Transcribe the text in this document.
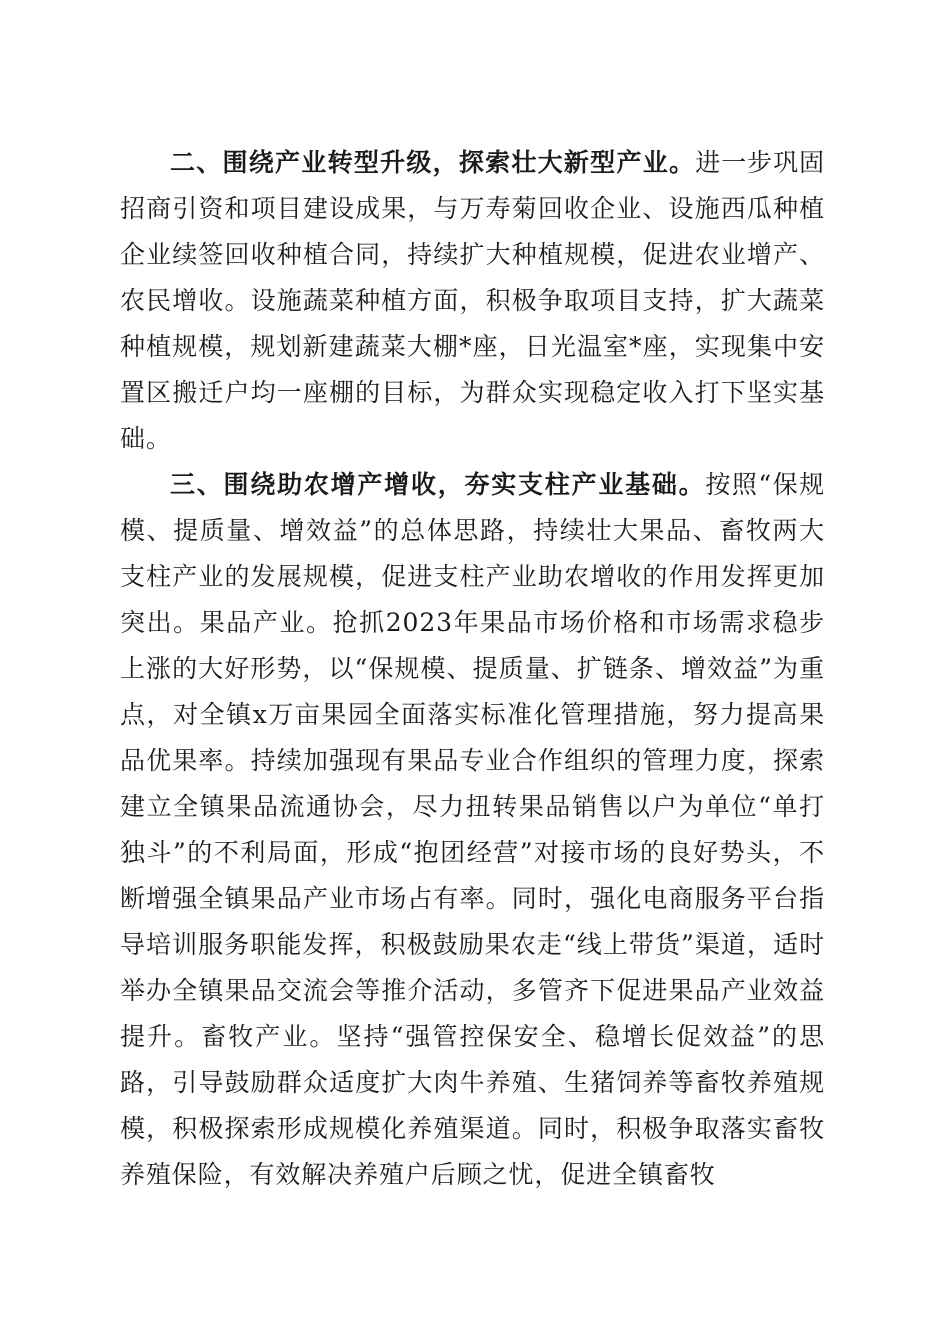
二、围绕产业转型升级，探索壮大新型产业。进一步巩固招商引资和项目建设成果，与万寿菊回收企业、设施西瓜种植企业续签回收种植合同，持续扩大种植规模，促进农业增产、农民增收。设施蔬菜种植方面，积极争取项目支持，扩大蔬菜种植规模，规划新建蔬菜大棚*座，日光温室*座，实现集中安置区搬迁户均一座棚的目标，为群众实现稳定收入打下坚实基础。

三、围绕助农增产增收，夯实支柱产业基础。按照“保规模、提质量、增效益”的总体思路，持续壮大果品、畜牧两大支柱产业的发展规模，促进支柱产业助农增收的作用发挥更加突出。果品产业。抢抓2023年果品市场价格和市场需求稳步上涨的大好形势，以“保规模、提质量、扩链条、增效益”为重点，对全镇x万亩果园全面落实标准化管理措施，努力提高果品优果率。持续加强现有果品专业合作组织的管理力度，探索建立全镇果品流通协会，尽力扭转果品销售以户为单位“单打独斗”的不利局面，形成“抱团经营”对接市场的良好势头，不断增强全镇果品产业市场占有率。同时，强化电商服务平台指导培训服务职能发挥，积极鼓励果农走“线上带货”渠道，适时举办全镇果品交流会等推介活动，多管齐下促进果品产业效益提升。畜牧产业。坚持“强管控保安全、稳增长促效益”的思路，引导鼓励群众适度扩大肉牛养殖、生猪饲养等畜牧养殖规模，积极探索形成规模化养殖渠道。同时，积极争取落实畜牧养殖保险，有效解决养殖户后顾之忧，促进全镇畜牧
